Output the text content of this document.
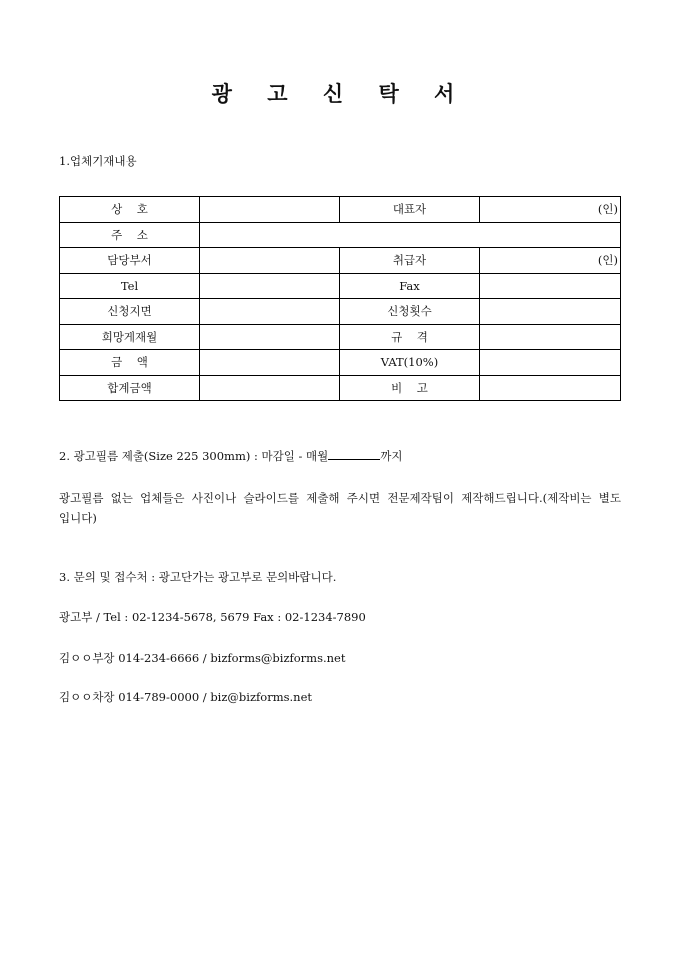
광 고 신 탁 서
1.업체기재내용
상    호		대표자	(인)
주    소			
담당부서		취급자	(인)
Tel		Fax	
신청지면		신청횟수	
희망게재월		규    격	
금    액		VAT(10%)	
합계금액		비    고	
2. 광고필름 제출(Size 225 300mm) : 마감일 - 매월	까지
광고필름 없는 업체들은 사진이나 슬라이드를 제출해 주시면 전문제작팀이 제작해드립니다.(제작비는 별도 입니다)
3. 문의 및 접수처 : 광고단가는 광고부로 문의바랍니다.
광고부 / Tel : 02-1234-5678, 5679 Fax : 02-1234-7890
김ㅇㅇ부장 014-234-6666 / bizforms@bizforms.net
김ㅇㅇ차장 014-789-0000 / biz@bizforms.net
